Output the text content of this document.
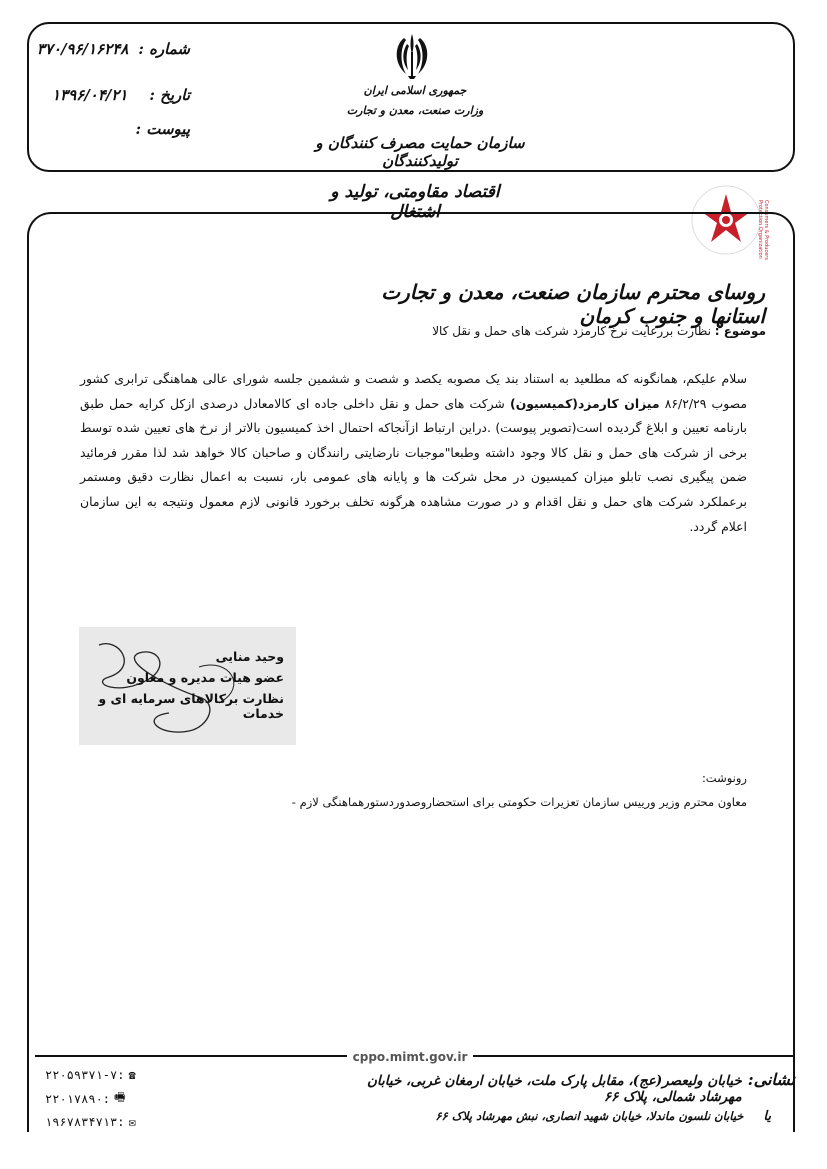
شماره :
۳۷۰/۹۶/۱۶۲۴۸
تاریخ :
۱۳۹۶/۰۴/۲۱
پیوست :
جمهوری اسلامی ایران
وزارت صنعت، معدن و تجارت
سازمان حمایت مصرف کنندگان و تولیدکنندگان
اقتصاد مقاومتی، تولید و اشتغال	Consumers & Producers Protection Organization
روسای محترم سازمان صنعت، معدن و تجارت استانها و جنوب کرمان
موضوع : نظارت بررعایت نرخ کارمزد شرکت های حمل و نقل کالا
سلام علیکم، همانگونه که مطلعید به استناد بند یک مصوبه یکصد و شصت و ششمین جلسه شورای عالی هماهنگی ترابری کشور مصوب ۸۶/۲/۲۹ میزان کارمزد(کمیسیون) شرکت های حمل و نقل داخلی جاده ای کالامعادل درصدی ازکل کرایه حمل طبق بارنامه تعیین و ابلاغ گردیده است(تصویر پیوست) .دراین ارتباط ازآنجاکه احتمال اخذ کمیسیون بالاتر از نرخ های تعیین شده توسط برخی از شرکت های حمل و نقل کالا وجود داشته وطبعا"موجبات نارضایتی رانندگان و صاحبان کالا خواهد شد لذا مقرر فرمائید ضمن پیگیری نصب تابلو میزان کمیسیون در محل شرکت ها و پایانه های عمومی بار، نسبت به اعمال نظارت دقیق ومستمر برعملکرد شرکت های حمل و نقل اقدام و در صورت مشاهده هرگونه تخلف برخورد قانونی لازم معمول ونتیجه به این سازمان اعلام گردد.
وحید منایی
عضو هیات مدیره و معاون
نظارت برکالاهای سرمایه ای و خدمات
رونوشت:
معاون محترم وزیر وریيس سازمان تعزیرات حکومتی برای استحضاروصدوردستورهماهنگی لازم -
cppo.mimt.gov.ir
نشانی:
خیابان ولیعصر(عج)، مقابل پارک ملت، خیابان ارمغان غربی، خیابان مهرشاد شمالی، پلاک ۶۶
یا
خیابان نلسون ماندلا، خیابان شهید انصاری، نبش مهرشاد پلاک ۶۶
۲۲۰۵۹۳۷۱-۷: ☎
۲۲۰۱۷۸۹۰: 🖷
۱۹۶۷۸۳۴۷۱۳: ✉
